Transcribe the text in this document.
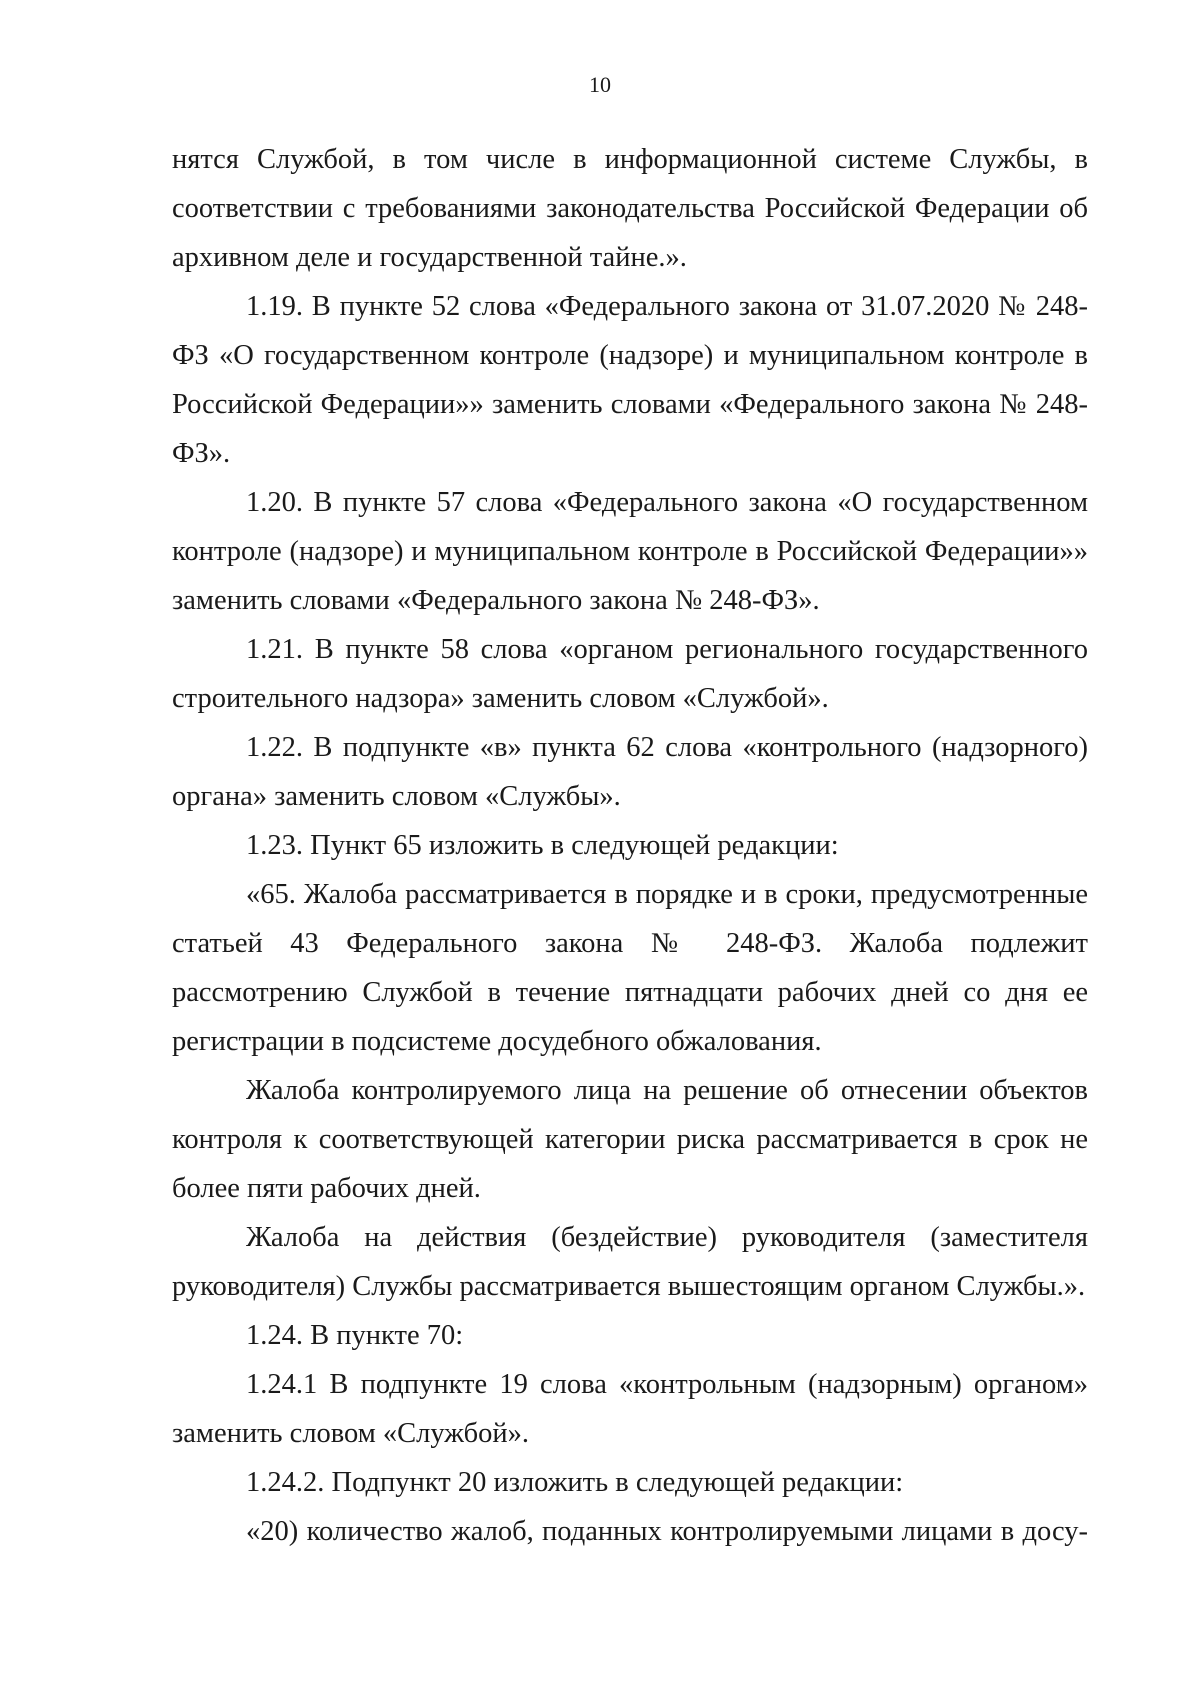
10

нятся Службой, в том числе в информационной системе Службы, в соответствии с требованиями законодательства Российской Федерации об архивном деле и государственной тайне.».

1.19. В пункте 52 слова «Федерального закона от 31.07.2020 № 248-ФЗ «О государственном контроле (надзоре) и муниципальном контроле в Российской Федерации»» заменить словами «Федерального закона № 248-ФЗ».

1.20. В пункте 57 слова «Федерального закона «О государственном контроле (надзоре) и муниципальном контроле в Российской Федерации»» заменить словами «Федерального закона № 248-ФЗ».

1.21. В пункте 58 слова «органом регионального государственного строительного надзора» заменить словом «Службой».

1.22. В подпункте «в» пункта 62 слова «контрольного (надзорного) органа» заменить словом «Службы».

1.23. Пункт 65 изложить в следующей редакции:

«65. Жалоба рассматривается в порядке и в сроки, предусмотренные статьей 43 Федерального закона № 248-ФЗ. Жалоба подлежит рассмотрению Службой в течение пятнадцати рабочих дней со дня ее регистрации в подсистеме досудебного обжалования.

Жалоба контролируемого лица на решение об отнесении объектов контроля к соответствующей категории риска рассматривается в срок не более пяти рабочих дней.

Жалоба на действия (бездействие) руководителя (заместителя руководителя) Службы рассматривается вышестоящим органом Службы.».

1.24. В пункте 70:

1.24.1 В подпункте 19 слова «контрольным (надзорным) органом» заменить словом «Службой».

1.24.2. Подпункт 20 изложить в следующей редакции:

«20) количество жалоб, поданных контролируемыми лицами в досу-
